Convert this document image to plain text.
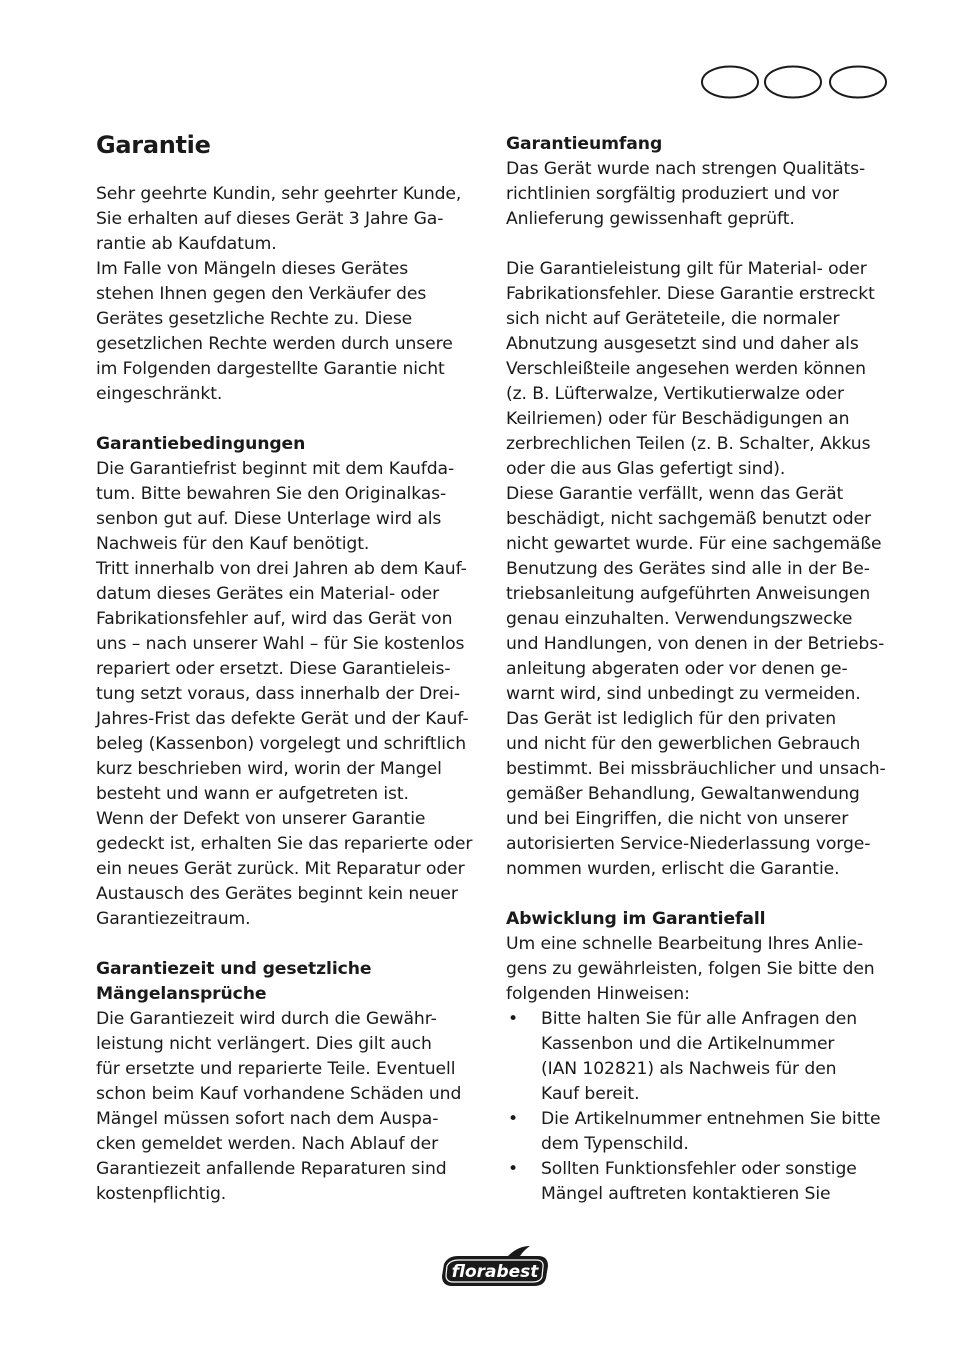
Garantie
Sehr geehrte Kundin, sehr geehrter Kunde,
Sie erhalten auf dieses Gerät 3 Jahre Ga-
rantie ab Kaufdatum.
Im Falle von Mängeln dieses Gerätes
stehen Ihnen gegen den Verkäufer des
Gerätes gesetzliche Rechte zu. Diese
gesetzlichen Rechte werden durch unsere
im Folgenden dargestellte Garantie nicht
eingeschränkt.
Garantiebedingungen
Die Garantiefrist beginnt mit dem Kaufda-
tum. Bitte bewahren Sie den Originalkas-
senbon gut auf. Diese Unterlage wird als
Nachweis für den Kauf benötigt.
Tritt innerhalb von drei Jahren ab dem Kauf-
datum dieses Gerätes ein Material- oder
Fabrikationsfehler auf, wird das Gerät von
uns – nach unserer Wahl – für Sie kostenlos
repariert oder ersetzt. Diese Garantieleis-
tung setzt voraus, dass innerhalb der Drei-
Jahres-Frist das defekte Gerät und der Kauf-
beleg (Kassenbon) vorgelegt und schriftlich
kurz beschrieben wird, worin der Mangel
besteht und wann er aufgetreten ist.
Wenn der Defekt von unserer Garantie
gedeckt ist, erhalten Sie das reparierte oder
ein neues Gerät zurück. Mit Reparatur oder
Austausch des Gerätes beginnt kein neuer
Garantiezeitraum.
Garantiezeit und gesetzliche
Mängelansprüche
Die Garantiezeit wird durch die Gewähr-
leistung nicht verlängert. Dies gilt auch
für ersetzte und reparierte Teile. Eventuell
schon beim Kauf vorhandene Schäden und
Mängel müssen sofort nach dem Auspa-
cken gemeldet werden. Nach Ablauf der
Garantiezeit anfallende Reparaturen sind
kostenpflichtig.
Garantieumfang
Das Gerät wurde nach strengen Qualitäts-
richtlinien sorgfältig produziert und vor
Anlieferung gewissenhaft geprüft.
Die Garantieleistung gilt für Material- oder
Fabrikationsfehler. Diese Garantie erstreckt
sich nicht auf Geräteteile, die normaler
Abnutzung ausgesetzt sind und daher als
Verschleißteile angesehen werden können
(z. B. Lüfterwalze, Vertikutierwalze oder
Keilriemen) oder für Beschädigungen an
zerbrechlichen Teilen (z. B. Schalter, Akkus
oder die aus Glas gefertigt sind).
Diese Garantie verfällt, wenn das Gerät
beschädigt, nicht sachgemäß benutzt oder
nicht gewartet wurde. Für eine sachgemäße
Benutzung des Gerätes sind alle in der Be-
triebsanleitung aufgeführten Anweisungen
genau einzuhalten. Verwendungszwecke
und Handlungen, von denen in der Betriebs-
anleitung abgeraten oder vor denen ge-
warnt wird, sind unbedingt zu vermeiden.
Das Gerät ist lediglich für den privaten
und nicht für den gewerblichen Gebrauch
bestimmt. Bei missbräuchlicher und unsach-
gemäßer Behandlung, Gewaltanwendung
und bei Eingriffen, die nicht von unserer
autorisierten Service-Niederlassung vorge-
nommen wurden, erlischt die Garantie.
Abwicklung im Garantiefall
Um eine schnelle Bearbeitung Ihres Anlie-
gens zu gewährleisten, folgen Sie bitte den
folgenden Hinweisen:
• Bitte halten Sie für alle Anfragen den
Kassenbon und die Artikelnummer
(IAN 102821) als Nachweis für den
Kauf bereit.
• Die Artikelnummer entnehmen Sie bitte
dem Typenschild.
• Sollten Funktionsfehler oder sonstige
Mängel auftreten kontaktieren Sie
florabest
